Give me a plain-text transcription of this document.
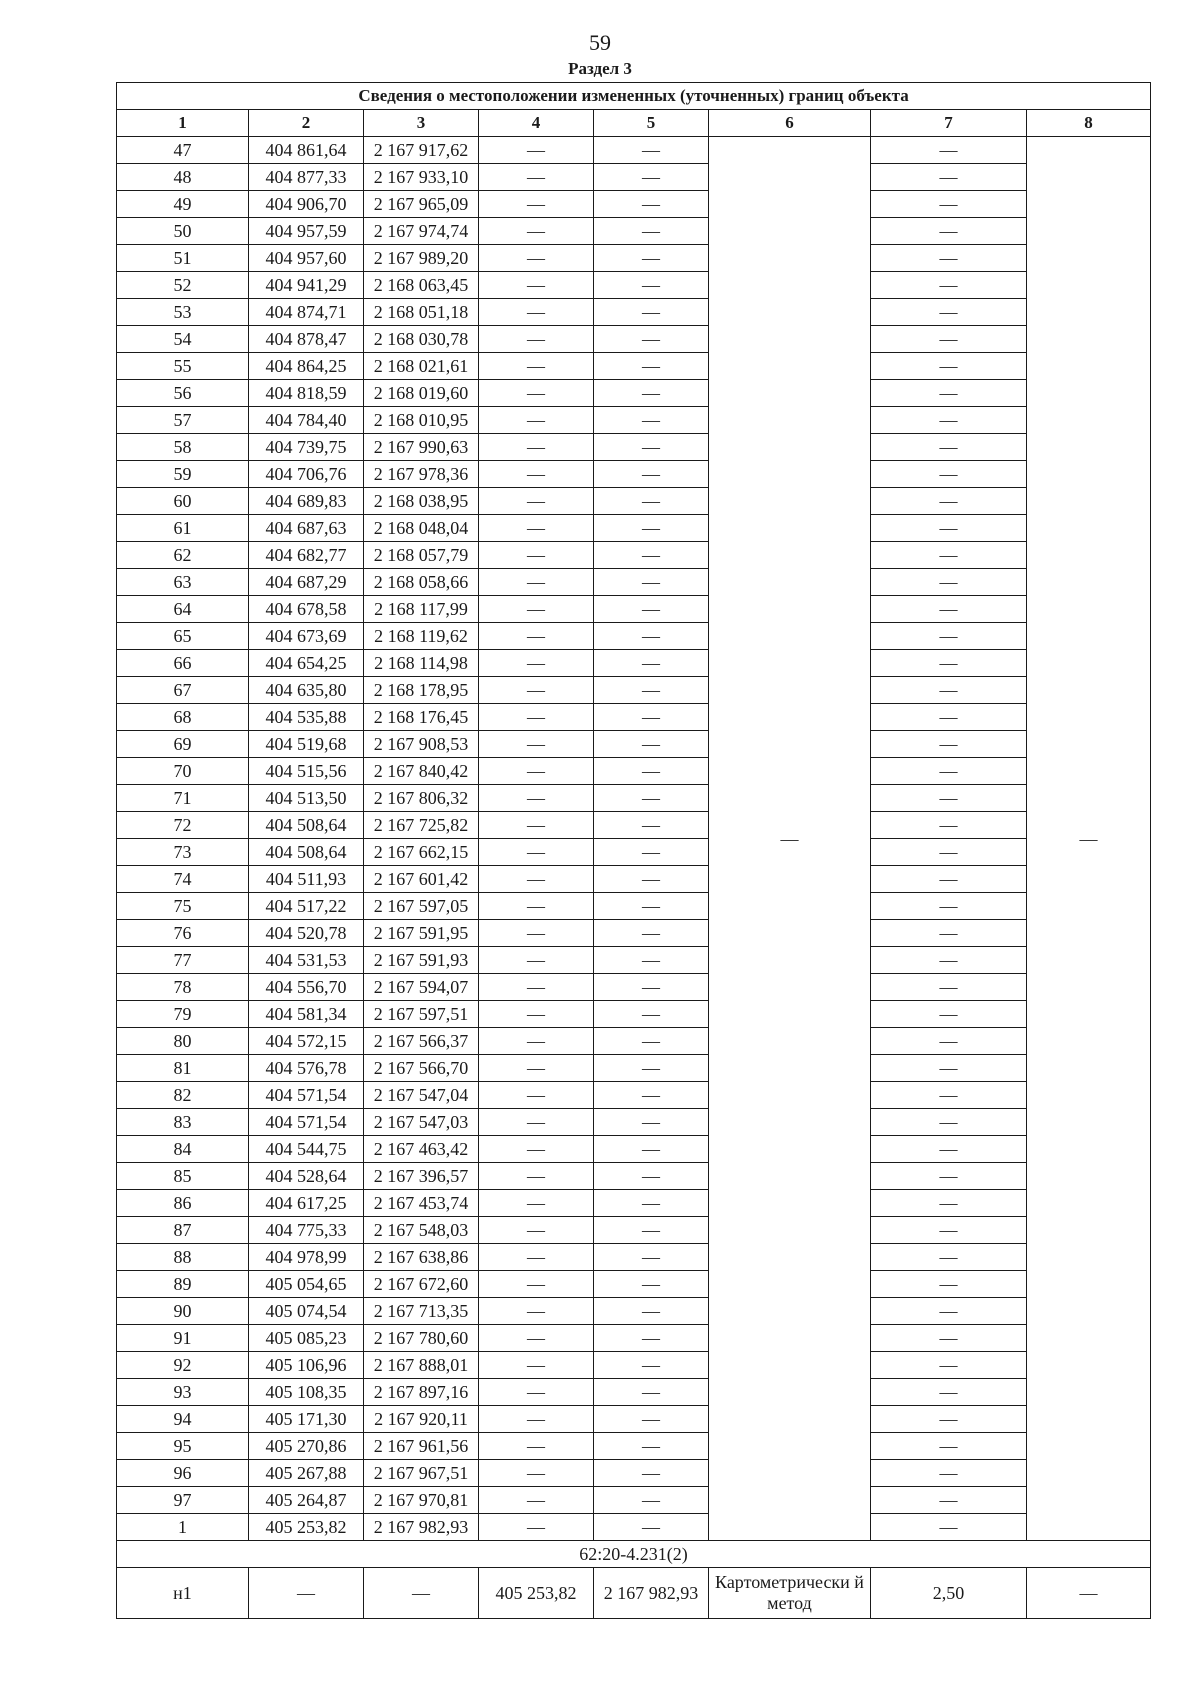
59
Раздел 3
Сведения о местоположении измененных (уточненных) границ объекта							
1	2	3	4	5	6	7	8
47	404 861,64	2 167 917,62	—	—	—	—	—
48	404 877,33	2 167 933,10	—	—		—	
49	404 906,70	2 167 965,09	—	—		—	
50	404 957,59	2 167 974,74	—	—		—	
51	404 957,60	2 167 989,20	—	—		—	
52	404 941,29	2 168 063,45	—	—		—	
53	404 874,71	2 168 051,18	—	—		—	
54	404 878,47	2 168 030,78	—	—		—	
55	404 864,25	2 168 021,61	—	—		—	
56	404 818,59	2 168 019,60	—	—		—	
57	404 784,40	2 168 010,95	—	—		—	
58	404 739,75	2 167 990,63	—	—		—	
59	404 706,76	2 167 978,36	—	—		—	
60	404 689,83	2 168 038,95	—	—		—	
61	404 687,63	2 168 048,04	—	—		—	
62	404 682,77	2 168 057,79	—	—		—	
63	404 687,29	2 168 058,66	—	—		—	
64	404 678,58	2 168 117,99	—	—		—	
65	404 673,69	2 168 119,62	—	—		—	
66	404 654,25	2 168 114,98	—	—		—	
67	404 635,80	2 168 178,95	—	—		—	
68	404 535,88	2 168 176,45	—	—		—	
69	404 519,68	2 167 908,53	—	—		—	
70	404 515,56	2 167 840,42	—	—		—	
71	404 513,50	2 167 806,32	—	—		—	
72	404 508,64	2 167 725,82	—	—		—	
73	404 508,64	2 167 662,15	—	—		—	
74	404 511,93	2 167 601,42	—	—		—	
75	404 517,22	2 167 597,05	—	—		—	
76	404 520,78	2 167 591,95	—	—		—	
77	404 531,53	2 167 591,93	—	—		—	
78	404 556,70	2 167 594,07	—	—		—	
79	404 581,34	2 167 597,51	—	—		—	
80	404 572,15	2 167 566,37	—	—		—	
81	404 576,78	2 167 566,70	—	—		—	
82	404 571,54	2 167 547,04	—	—		—	
83	404 571,54	2 167 547,03	—	—		—	
84	404 544,75	2 167 463,42	—	—		—	
85	404 528,64	2 167 396,57	—	—		—	
86	404 617,25	2 167 453,74	—	—		—	
87	404 775,33	2 167 548,03	—	—		—	
88	404 978,99	2 167 638,86	—	—		—	
89	405 054,65	2 167 672,60	—	—		—	
90	405 074,54	2 167 713,35	—	—		—	
91	405 085,23	2 167 780,60	—	—		—	
92	405 106,96	2 167 888,01	—	—		—	
93	405 108,35	2 167 897,16	—	—		—	
94	405 171,30	2 167 920,11	—	—		—	
95	405 270,86	2 167 961,56	—	—		—	
96	405 267,88	2 167 967,51	—	—		—	
97	405 264,87	2 167 970,81	—	—		—	
1	405 253,82	2 167 982,93	—	—		—	
62:20-4.231(2)							
н1	—	—	405 253,82	2 167 982,93	Картометрически й метод	2,50	—
